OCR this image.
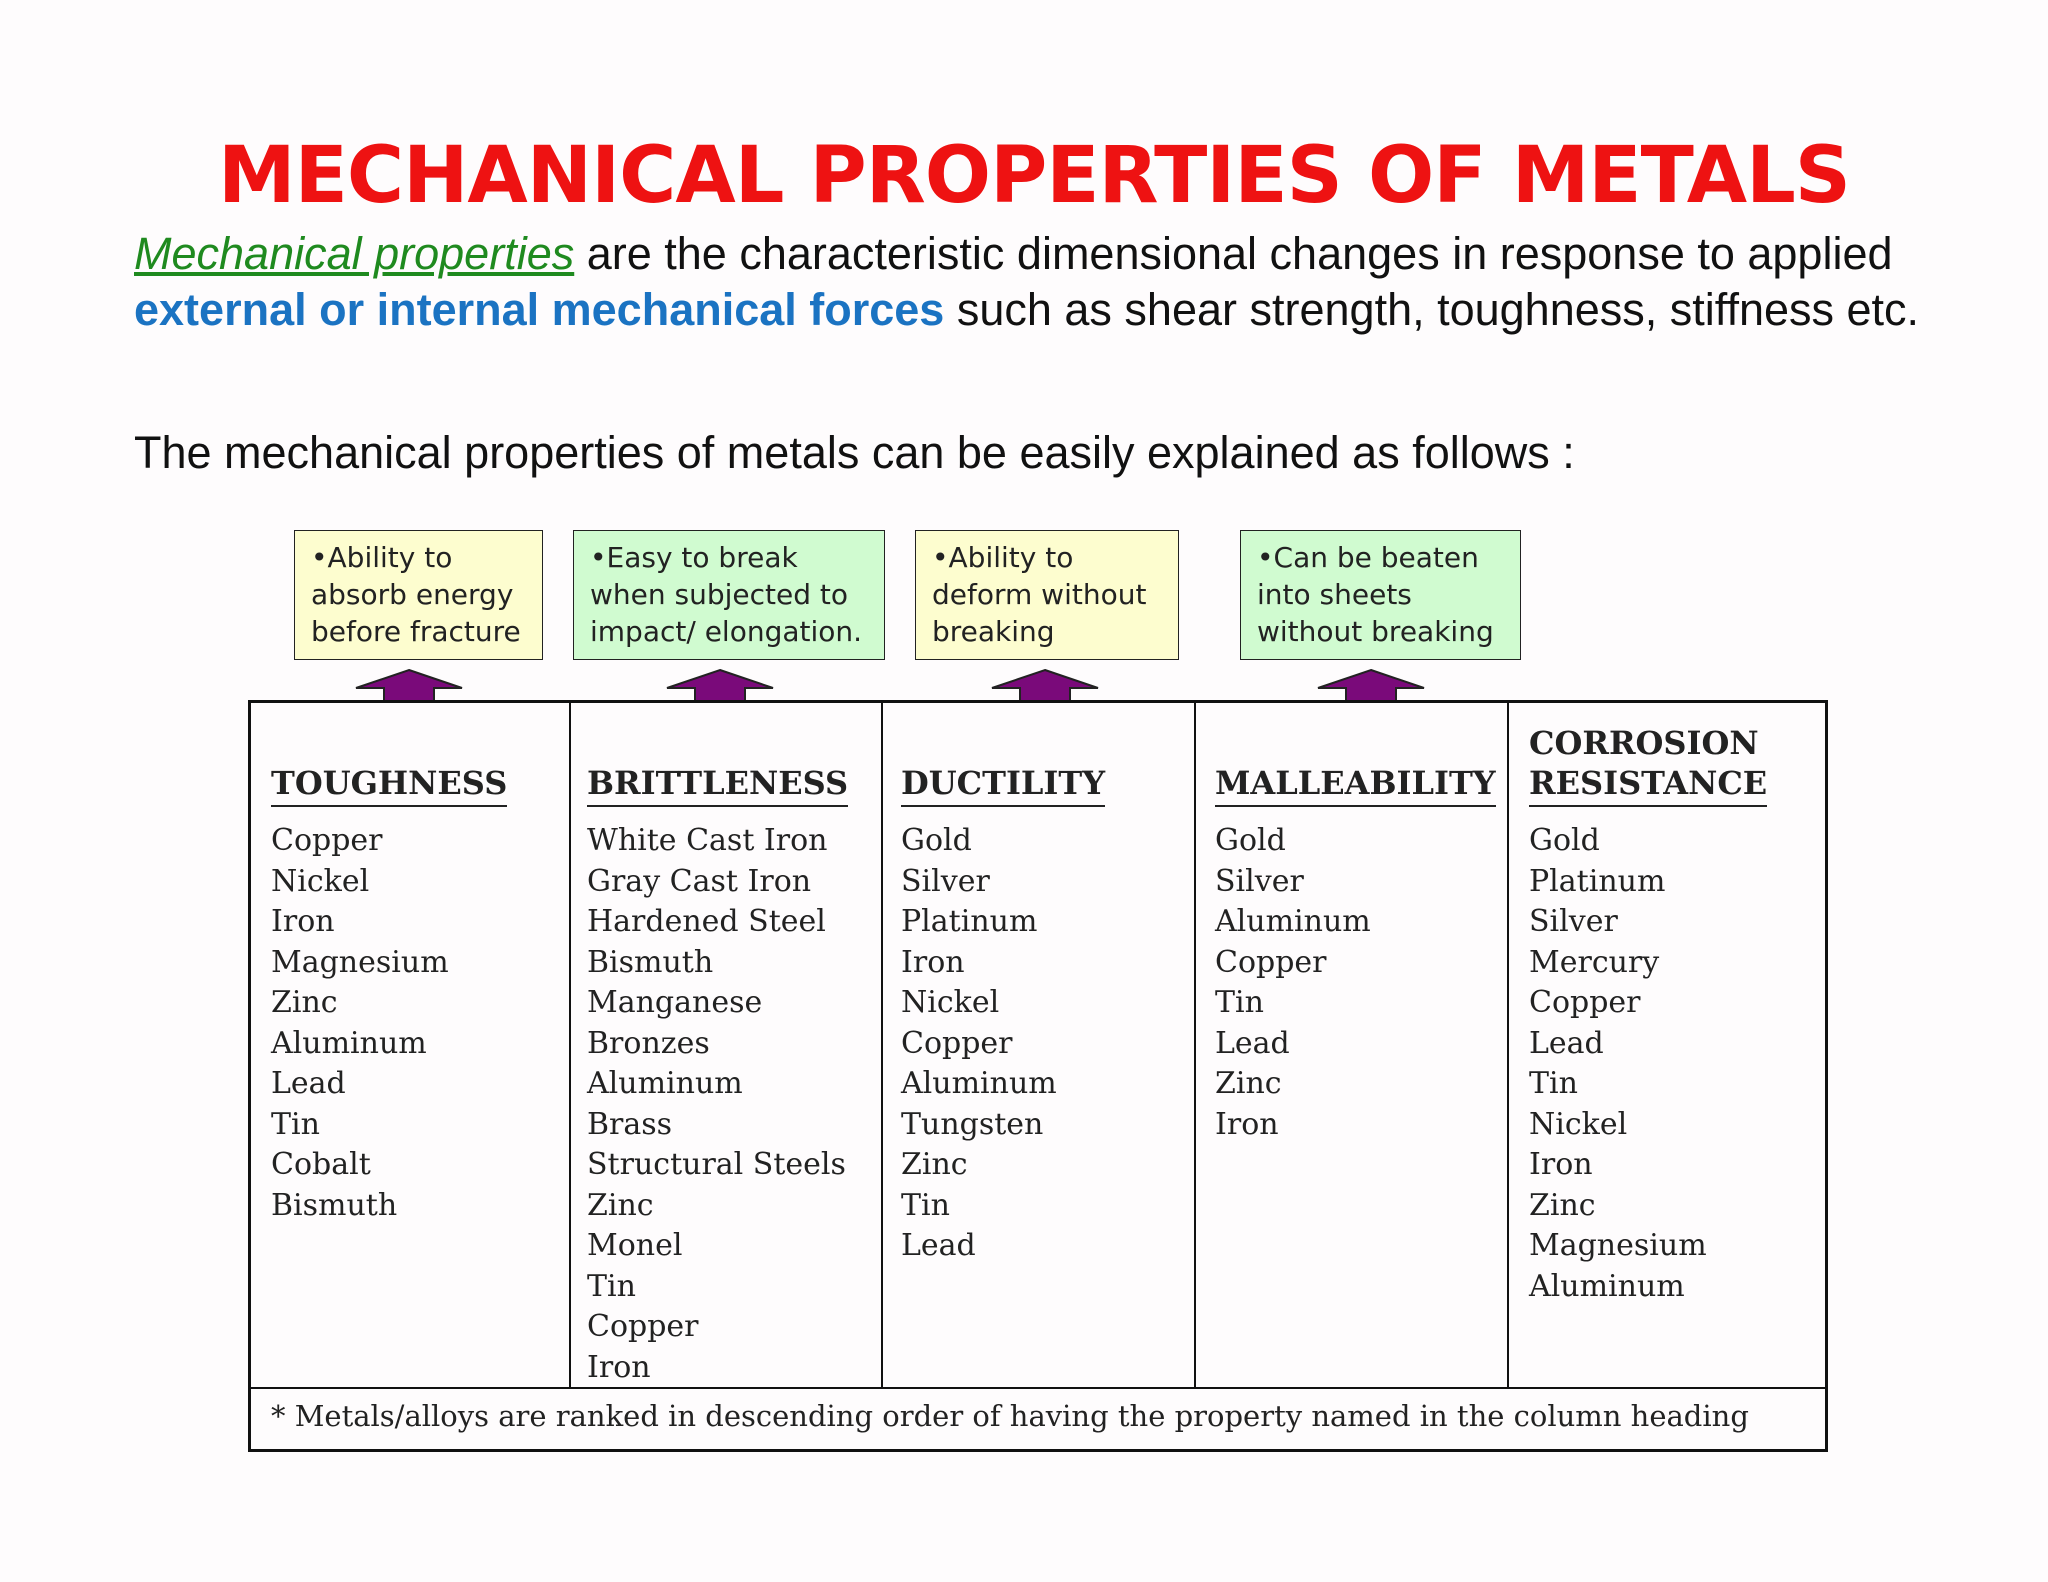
MECHANICAL PROPERTIES OF METALS
Mechanical properties are the characteristic dimensional changes in response to applied external or internal mechanical forces such as shear strength, toughness, stiffness etc.
The mechanical properties of metals can be easily explained as follows :
•Ability to
absorb energy
before fracture
•Easy to break
when subjected to
impact/ elongation.
•Ability to
deform without
breaking
•Can be beaten
into sheets
without breaking
TOUGHNESS
Copper
Nickel
Iron
Magnesium
Zinc
Aluminum
Lead
Tin
Cobalt
Bismuth
BRITTLENESS
White Cast Iron
Gray Cast Iron
Hardened Steel
Bismuth
Manganese
Bronzes
Aluminum
Brass
Structural Steels
Zinc
Monel
Tin
Copper
Iron
DUCTILITY
Gold
Silver
Platinum
Iron
Nickel
Copper
Aluminum
Tungsten
Zinc
Tin
Lead
MALLEABILITY
Gold
Silver
Aluminum
Copper
Tin
Lead
Zinc
Iron
CORROSION
RESISTANCE
Gold
Platinum
Silver
Mercury
Copper
Lead
Tin
Nickel
Iron
Zinc
Magnesium
Aluminum
* Metals/alloys are ranked in descending order of having the property named in the column heading
